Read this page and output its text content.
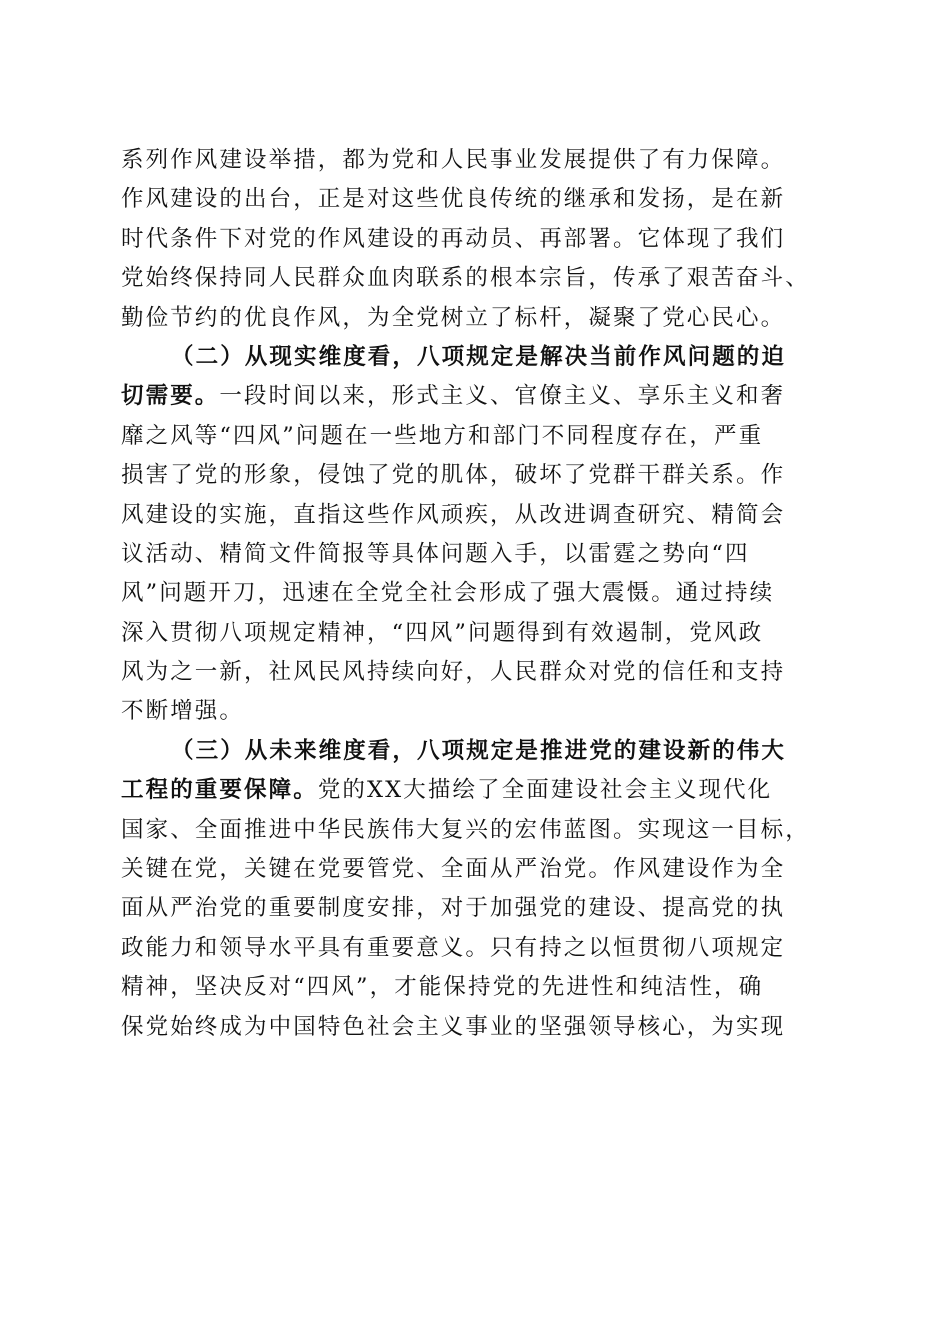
系列作风建设举措，都为党和人民事业发展提供了有力保障。
作风建设的出台，正是对这些优良传统的继承和发扬，是在新
时代条件下对党的作风建设的再动员、再部署。它体现了我们
党始终保持同人民群众血肉联系的根本宗旨，传承了艰苦奋斗、
勤俭节约的优良作风，为全党树立了标杆，凝聚了党心民心。
（二）从现实维度看，八项规定是解决当前作风问题的迫
切需要。一段时间以来，形式主义、官僚主义、享乐主义和奢
靡之风等“四风”问题在一些地方和部门不同程度存在，严重
损害了党的形象，侵蚀了党的肌体，破坏了党群干群关系。作
风建设的实施，直指这些作风顽疾，从改进调查研究、精简会
议活动、精简文件简报等具体问题入手，以雷霆之势向“四
风”问题开刀，迅速在全党全社会形成了强大震慑。通过持续
深入贯彻八项规定精神，“四风”问题得到有效遏制，党风政
风为之一新，社风民风持续向好，人民群众对党的信任和支持
不断增强。
（三）从未来维度看，八项规定是推进党的建设新的伟大
工程的重要保障。党的XX大描绘了全面建设社会主义现代化
国家、全面推进中华民族伟大复兴的宏伟蓝图。实现这一目标，
关键在党，关键在党要管党、全面从严治党。作风建设作为全
面从严治党的重要制度安排，对于加强党的建设、提高党的执
政能力和领导水平具有重要意义。只有持之以恒贯彻八项规定
精神，坚决反对“四风”，才能保持党的先进性和纯洁性，确
保党始终成为中国特色社会主义事业的坚强领导核心，为实现
